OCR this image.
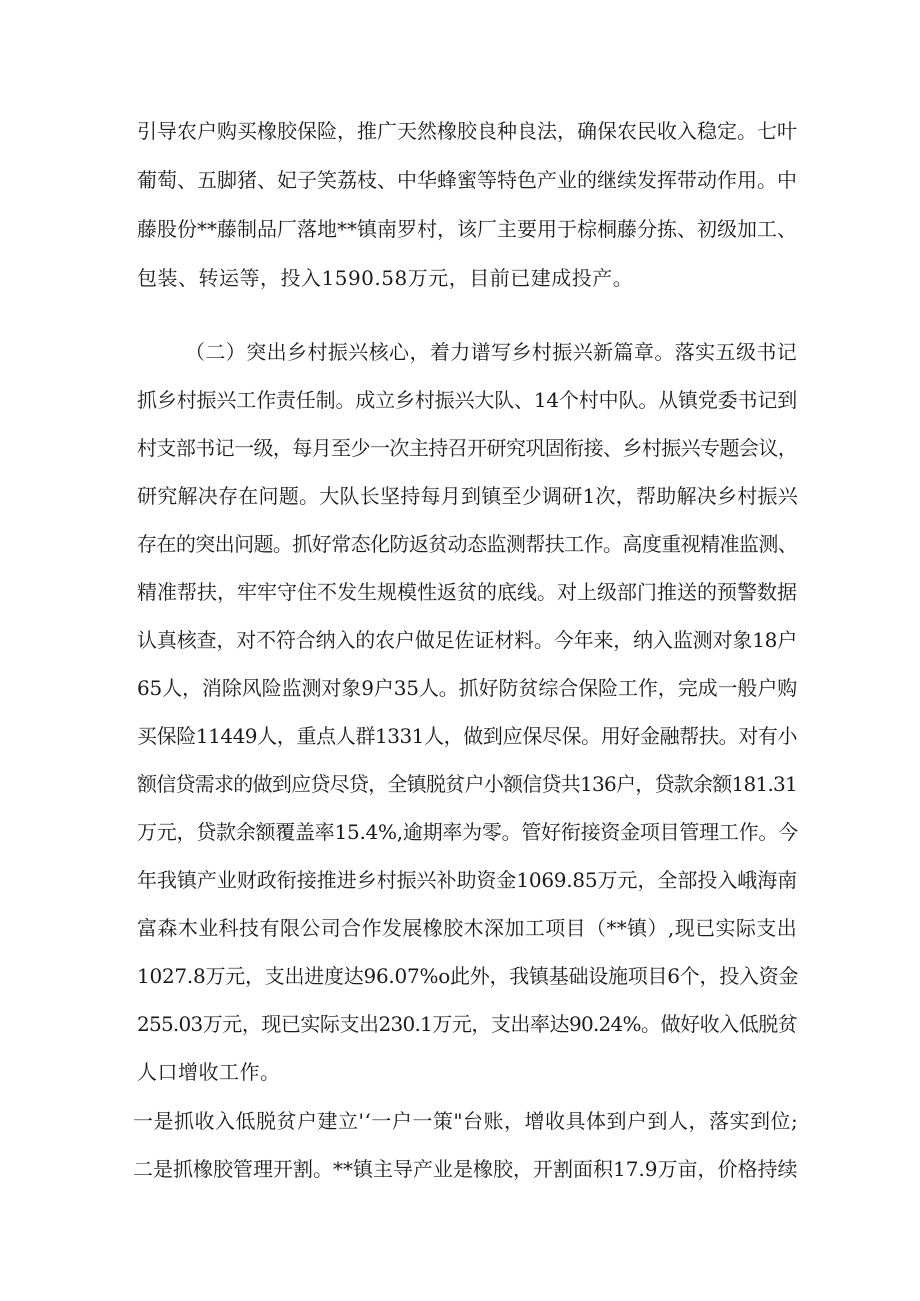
引导农户购买橡胶保险，推广天然橡胶良种良法，确保农民收入稳定。七叶
葡萄、五脚猪、妃子笑荔枝、中华蜂蜜等特色产业的继续发挥带动作用。中
藤股份**藤制品厂落地**镇南罗村，该厂主要用于棕桐藤分拣、初级加工、
包装、转运等，投入1590.58万元，目前已建成投产。
（二）突出乡村振兴核心，着力谱写乡村振兴新篇章。落实五级书记
抓乡村振兴工作责任制。成立乡村振兴大队、14个村中队。从镇党委书记到
村支部书记一级，每月至少一次主持召开研究巩固衔接、乡村振兴专题会议，
研究解决存在问题。大队长坚持每月到镇至少调研1次，帮助解决乡村振兴
存在的突出问题。抓好常态化防返贫动态监测帮扶工作。高度重视精准监测、
精准帮扶，牢牢守住不发生规模性返贫的底线。对上级部门推送的预警数据
认真核查，对不符合纳入的农户做足佐证材料。今年来，纳入监测对象18户
65人，消除风险监测对象9户35人。抓好防贫综合保险工作，完成一般户购
买保险11449人，重点人群1331人，做到应保尽保。用好金融帮扶。对有小
额信贷需求的做到应贷尽贷，全镇脱贫户小额信贷共136户，贷款余额181.31
万元，贷款余额覆盖率15.4%,逾期率为零。管好衔接资金项目管理工作。今
年我镇产业财政衔接推进乡村振兴补助资金1069.85万元，全部投入峨海南
富森木业科技有限公司合作发展橡胶木深加工项目（**镇）,现已实际支出
1027.8万元，支出进度达96.07%o此外，我镇基础设施项目6个，投入资金
255.03万元，现已实际支出230.1万元，支出率达90.24%。做好收入低脱贫
人口增收工作。
一是抓收入低脱贫户建立'‘一户一策"台账，增收具体到户到人，落实到位;
二是抓橡胶管理开割。**镇主导产业是橡胶，开割面积17.9万亩，价格持续
